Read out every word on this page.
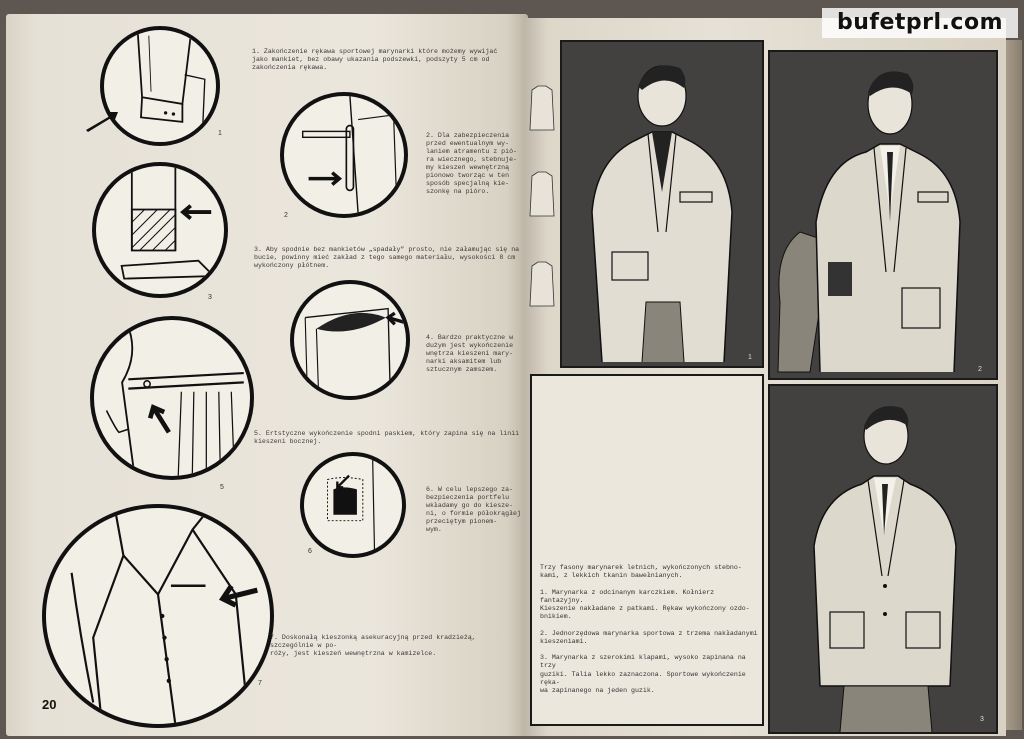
1
2
3
5
6
7
1. Zakończenie rękawa sportowej marynarki które możemy wywijać
jako mankiet, bez obawy ukazania podszewki, podszyty 5 cm od
zakończenia rękawa.
2. Dla zabezpieczenia
przed ewentualnym wy-
laniem atramentu z pió-
ra wiecznego, stebnuje-
my kieszeń wewnętrzną
pionowo tworząc w ten
sposób specjalną kie-
szonkę na pióro.
3. Aby spodnie bez mankietów „spadały” prosto, nie załamując się na
bucie, powinny mieć zakład z tego samego materiału, wysokości 8 cm
wykończony płótnem.
4. Bardzo praktyczne w
dużym jest wykończenie
wnętrza kieszeni mary-
narki aksamitem lub
sztucznym zamszem.
5. Ertstyczne wykończenie spodni paskiem, który zapina się na linii
kieszeni bocznej.
6. W celu lepszego za-
bezpieczenia portfelu
wkładamy go do kiesze-
ni, o formie półokrągłej
przeciętym pionem-
wym.
7. Doskonałą kieszonką asekuracyjną przed kradzieżą, szczególnie w po-
róży, jest kieszeń wewnętrzna w kamizelce.
20
1
2
Trzy fasony marynarek letnich, wykończonych stebno-
kami, z lekkich tkanin bawełnianych.

1. Marynarka z odcinanym karczkiem. Kołnierz fantazyjny.
Kieszenie nakładane z patkami. Rękaw wykończony ozdo-
bnikiem.

2. Jednorzędowa marynarka sportowa z trzema nakładanymi
kieszeniami.

3. Marynarka z szerokimi klapami, wysoko zapinana na trzy
guziki. Talia lekko zaznaczona. Sportowe wykończenie ręka-
wa zapinanego na jeden guzik.
3
bufetprl.com
